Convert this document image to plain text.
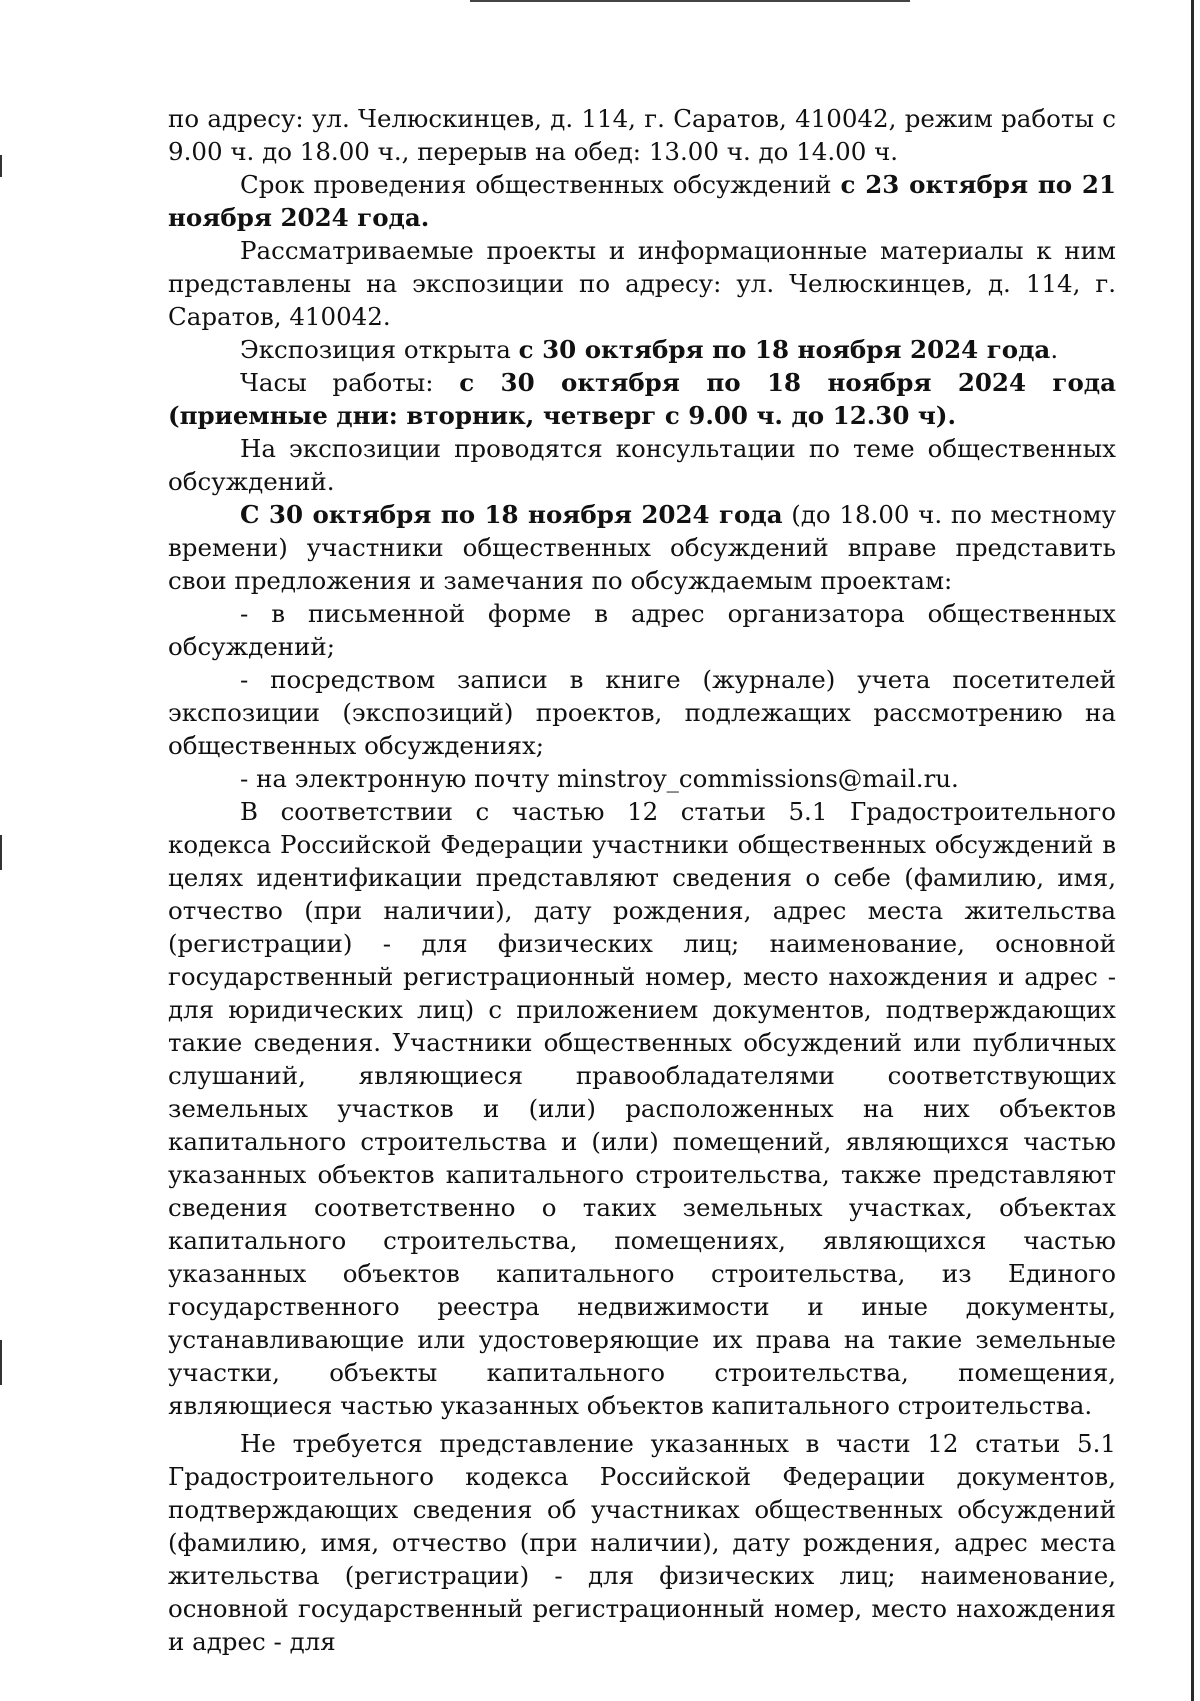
по адресу: ул. Челюскинцев, д. 114, г. Саратов, 410042, режим работы с 9.00 ч. до 18.00 ч., перерыв на обед: 13.00 ч. до 14.00 ч.

Срок проведения общественных обсуждений с 23 октября по 21 ноября 2024 года.

Рассматриваемые проекты и информационные материалы к ним представлены на экспозиции по адресу: ул. Челюскинцев, д. 114, г. Саратов, 410042.

Экспозиция открыта с 30 октября по 18 ноября 2024 года.

Часы работы: с 30 октября по 18 ноября 2024 года (приемные дни: вторник, четверг с 9.00 ч. до 12.30 ч).

На экспозиции проводятся консультации по теме общественных обсуждений.

С 30 октября по 18 ноября 2024 года (до 18.00 ч. по местному времени) участники общественных обсуждений вправе представить свои предложения и замечания по обсуждаемым проектам:

- в письменной форме в адрес организатора общественных обсуждений;

- посредством записи в книге (журнале) учета посетителей экспозиции (экспозиций) проектов, подлежащих рассмотрению на общественных обсуждениях;

- на электронную почту minstroy_commissions@mail.ru.

В соответствии с частью 12 статьи 5.1 Градостроительного кодекса Российской Федерации участники общественных обсуждений в целях идентификации представляют сведения о себе (фамилию, имя, отчество (при наличии), дату рождения, адрес места жительства (регистрации) - для физических лиц; наименование, основной государственный регистрационный номер, место нахождения и адрес - для юридических лиц) с приложением документов, подтверждающих такие сведения. Участники общественных обсуждений или публичных слушаний, являющиеся правообладателями соответствующих земельных участков и (или) расположенных на них объектов капитального строительства и (или) помещений, являющихся частью указанных объектов капитального строительства, также представляют сведения соответственно о таких земельных участках, объектах капитального строительства, помещениях, являющихся частью указанных объектов капитального строительства, из Единого государственного реестра недвижимости и иные документы, устанавливающие или удостоверяющие их права на такие земельные участки, объекты капитального строительства, помещения, являющиеся частью указанных объектов капитального строительства.

Не требуется представление указанных в части 12 статьи 5.1 Градостроительного кодекса Российской Федерации документов, подтверждающих сведения об участниках общественных обсуждений (фамилию, имя, отчество (при наличии), дату рождения, адрес места жительства (регистрации) - для физических лиц; наименование, основной государственный регистрационный номер, место нахождения и адрес - для
